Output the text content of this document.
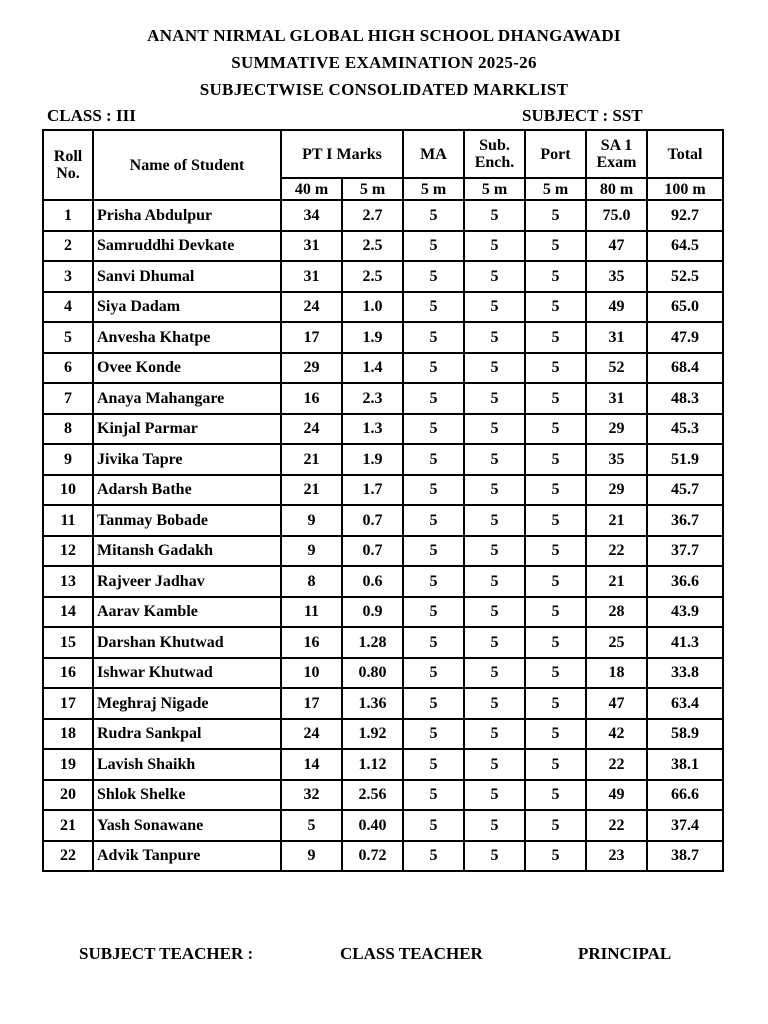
ANANT NIRMAL GLOBAL HIGH SCHOOL DHANGAWADI
SUMMATIVE EXAMINATION 2025-26
SUBJECTWISE CONSOLIDATED MARKLIST
CLASS : III	SUBJECT : SST
Roll No.	Name of Student	PT I Marks		MA	Sub. Ench.	Port	SA 1 Exam	Total
		40 m	5 m	5 m	5 m	5 m	80 m	100 m
1	Prisha Abdulpur	34	2.7	5	5	5	75.0	92.7
2	Samruddhi Devkate	31	2.5	5	5	5	47	64.5
3	Sanvi Dhumal	31	2.5	5	5	5	35	52.5
4	Siya Dadam	24	1.0	5	5	5	49	65.0
5	Anvesha Khatpe	17	1.9	5	5	5	31	47.9
6	Ovee Konde	29	1.4	5	5	5	52	68.4
7	Anaya Mahangare	16	2.3	5	5	5	31	48.3
8	Kinjal Parmar	24	1.3	5	5	5	29	45.3
9	Jivika Tapre	21	1.9	5	5	5	35	51.9
10	Adarsh Bathe	21	1.7	5	5	5	29	45.7
11	Tanmay Bobade	9	0.7	5	5	5	21	36.7
12	Mitansh Gadakh	9	0.7	5	5	5	22	37.7
13	Rajveer Jadhav	8	0.6	5	5	5	21	36.6
14	Aarav Kamble	11	0.9	5	5	5	28	43.9
15	Darshan Khutwad	16	1.28	5	5	5	25	41.3
16	Ishwar Khutwad	10	0.80	5	5	5	18	33.8
17	Meghraj Nigade	17	1.36	5	5	5	47	63.4
18	Rudra Sankpal	24	1.92	5	5	5	42	58.9
19	Lavish Shaikh	14	1.12	5	5	5	22	38.1
20	Shlok Shelke	32	2.56	5	5	5	49	66.6
21	Yash Sonawane	5	0.40	5	5	5	22	37.4
22	Advik Tanpure	9	0.72	5	5	5	23	38.7
SUBJECT TEACHER :	CLASS TEACHER	PRINCIPAL
